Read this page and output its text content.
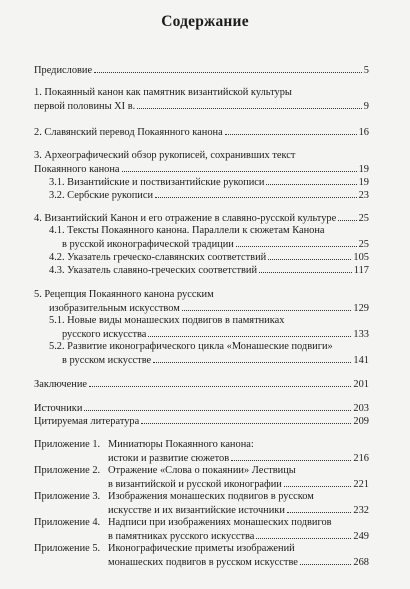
Содержание
Предисловие	5
1. Покаянный канон как памятник византийской культуры
первой половины XI в.	9
2. Славянский перевод Покаянного канона	16
3. Археографический обзор рукописей, сохранивших текст
Покаянного канона	19
3.1. Византийские и поствизантийские рукописи	19
3.2. Сербские рукописи	23
4. Византийский Канон и его отражение в славяно-русской культуре 25
4.1. Тексты Покаянного канона. Параллели к сюжетам Канона
в русской иконографической традиции	25
4.2. Указатель греческо-славянских соответствий	105
4.3. Указатель славяно-греческих соответствий	117
5. Рецепция Покаянного канона русским
изобразительным искусством	129
5.1. Новые виды монашеских подвигов в памятниках
русского искусства	133
5.2. Развитие иконографического цикла «Монашеские подвиги»
в русском искусстве	141
Заключение	201
Источники	203
Цитируемая литература	209
Приложение 1. Миниатюры Покаянного канона:
истоки и развитие сюжетов	216
Приложение 2. Отражение «Слова о покаянии» Лествицы
в византийской и русской иконографии	221
Приложение 3. Изображения монашеских подвигов в русском
искусстве и их византийские источники	232
Приложение 4. Надписи при изображениях монашеских подвигов
в памятниках русского искусства	249
Приложение 5. Иконографические приметы изображений
монашеских подвигов в русском искусстве	268
